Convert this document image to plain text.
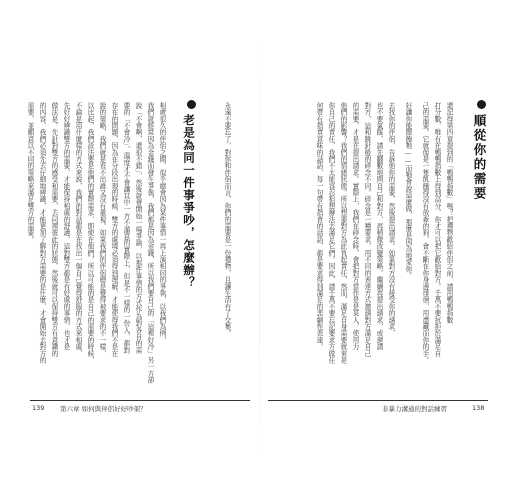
順從你的需要
還記得第四章提到的「鴨鴨指數」嗎？把禮物歡給伴侶之前，請用鴨鴨指數
打分數，唯有在鴨鴨指數上得到高分，你才可以把它歡給對方。千萬不要抗拒於滿足自
己的需要。它就像是一隻飢餓得沒有放牽的狗，會不斷在你身邊徘徊，用盡藏而你的手。
好讓你能餵飽牠——而牠會說這麼做，那麼是因為地愛你。
去找你的伴侶，告訴他你的需要，然後提出請求。如果對方沒有接受你的請求，
也不要氣餒，請先翻數地問自己和對方，再稍微改變策略，繼續再提出請求，或邀請
對方，這和跳針般的碎念不同。碎念是一種要求，用不同的表達方式邀請對方滿足自己
的需要，才是在提出請求。實際上，我們在碎念時，會把對方當作是是某人，使用力
他們的影響？我們的情緒狀態。所以想要對方為此負起責任，然而，滿足自身需要就來是
你自己的責任，我們不太能容忍狙想辦法去滿足它們。因此，請千萬不要忘記要求方做任
何帶有指責意味的話語，每一句帶有指責的話語，都是要求得到滿足的悲劇性表達。
非暴力溝通的對話練習	138
永遠不要忘了，對你和伴侶而言，你們的需要是一份禮物，且讓生活有了交集。
老是為同一件事爭吵，怎麼辦？
相處很久的伴侶之間，似乎總會因為某件事情一再上演相同的爭執，以我們為例，
我們就經常因為金錢而發生爭執。我們都是因為金錢，所以我們要自己的「這裡好冷」另一方卻
說「不會啊，還很不錯」，然後就會開始一場爭論，以那件事情的方式作為對各自的需
要的「不會冷」，溫度才不會讓其中一方不滿意的實際上，但是不一樣的一份人，都對
存在的問題，因為在分段出現的時候，雙方的處境必須得到理解，才能使得我們不是在
說的策略，我們就是看不出誰又沒有重視。如果我們的伴侶總是覺得被要求的不一樣，
以比起，我們設法要是他們的實際需求，即便在他們，所以可能的是自己的需要的時候，
不論是用什麼樣的方式來說，我們的對話都是在找出一個自己覺得舒服的方式來相處，
先好好辨識雙方的需要，才能保持相處的舒適，這對雙方都是有好處的事情，也才是
做法是。先針對雙方的感受和需要，去同理彼此的狀態，然後就可以保持雙方有意識的
的內容，我們必須先去仔細地辨識，才能更加了解對方需要的是什麼，才會開始去對方的
需要，並願意以不同的策略來滿足雙方的需要。
139 第六章 如何與伴侶好好吵架？
